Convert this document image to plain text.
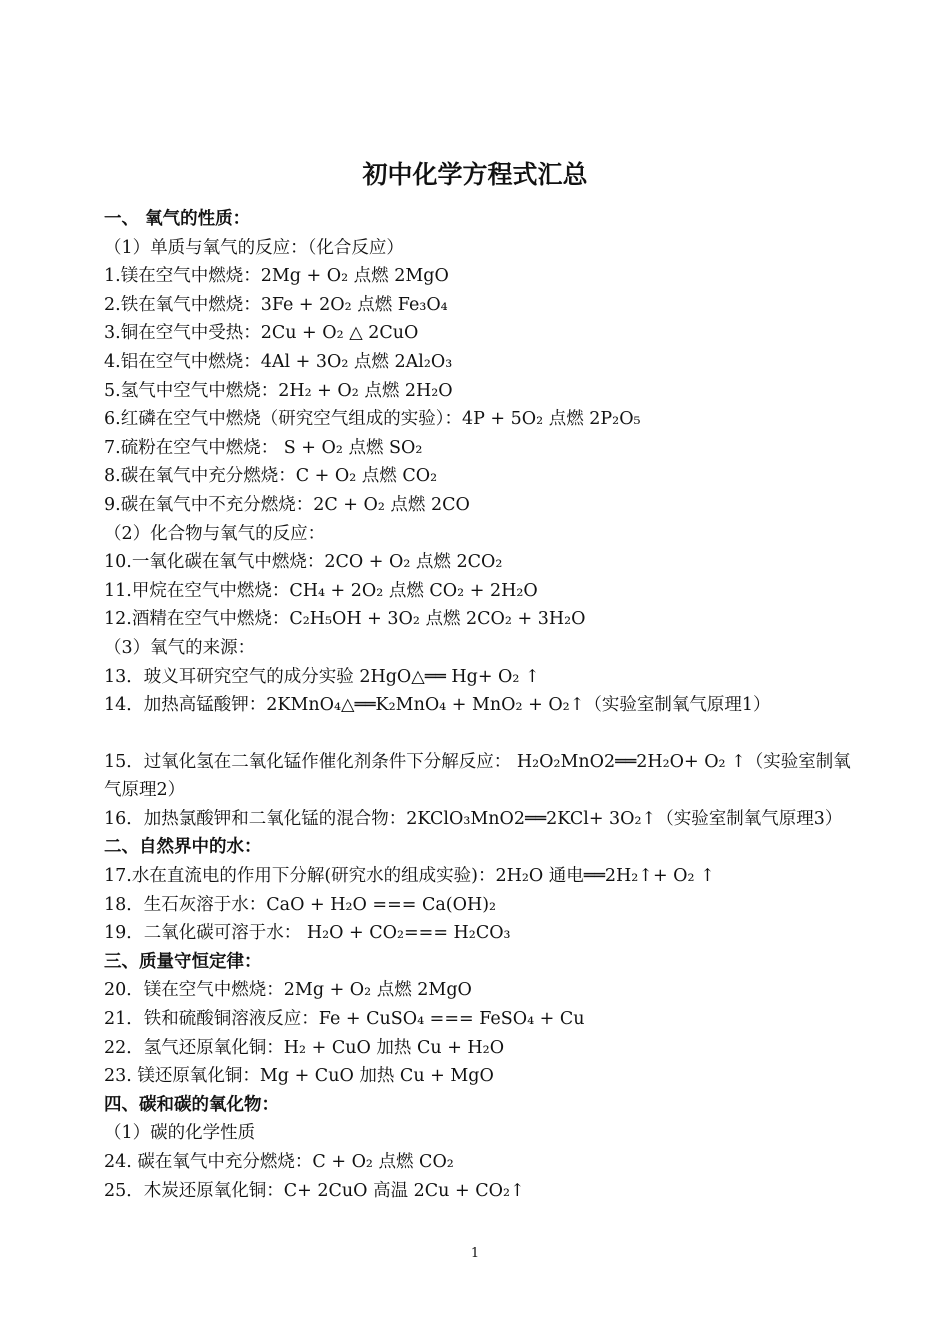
初中化学方程式汇总
一、 氧气的性质：
（1）单质与氧气的反应：（化合反应）
1.镁在空气中燃烧：2Mg + O₂ 点燃 2MgO
2.铁在氧气中燃烧：3Fe + 2O₂ 点燃 Fe₃O₄
3.铜在空气中受热：2Cu + O₂ △ 2CuO
4.铝在空气中燃烧：4Al + 3O₂ 点燃 2Al₂O₃
5.氢气中空气中燃烧：2H₂ + O₂ 点燃 2H₂O
6.红磷在空气中燃烧（研究空气组成的实验）：4P + 5O₂ 点燃 2P₂O₅
7.硫粉在空气中燃烧： S + O₂ 点燃 SO₂
8.碳在氧气中充分燃烧：C + O₂ 点燃 CO₂
9.碳在氧气中不充分燃烧：2C + O₂ 点燃 2CO
（2）化合物与氧气的反应：
10.一氧化碳在氧气中燃烧：2CO + O₂ 点燃 2CO₂
11.甲烷在空气中燃烧：CH₄ + 2O₂ 点燃 CO₂ + 2H₂O
12.酒精在空气中燃烧：C₂H₅OH + 3O₂ 点燃 2CO₂ + 3H₂O
（3）氧气的来源：
13．玻义耳研究空气的成分实验 2HgO△══ Hg+ O₂ ↑
14．加热高锰酸钾：2KMnO₄△══K₂MnO₄ + MnO₂ + O₂↑（实验室制氧气原理1）
15．过氧化氢在二氧化锰作催化剂条件下分解反应： H₂O₂MnO2══2H₂O+ O₂ ↑（实验室制氧气原理2）
16．加热氯酸钾和二氧化锰的混合物：2KClO₃MnO2══2KCl+ 3O₂↑（实验室制氧气原理3）
二、自然界中的水：
17.水在直流电的作用下分解(研究水的组成实验)：2H₂O 通电══2H₂↑+ O₂ ↑
18．生石灰溶于水：CaO + H₂O === Ca(OH)₂
19．二氧化碳可溶于水： H₂O + CO₂=== H₂CO₃
三、质量守恒定律：
20．镁在空气中燃烧：2Mg + O₂ 点燃 2MgO
21．铁和硫酸铜溶液反应：Fe + CuSO₄ === FeSO₄ + Cu
22．氢气还原氧化铜：H₂ + CuO 加热 Cu + H₂O
23. 镁还原氧化铜：Mg + CuO 加热 Cu + MgO
四、碳和碳的氧化物：
（1）碳的化学性质
24. 碳在氧气中充分燃烧：C + O₂ 点燃 CO₂
25．木炭还原氧化铜：C+ 2CuO 高温 2Cu + CO₂↑
1
